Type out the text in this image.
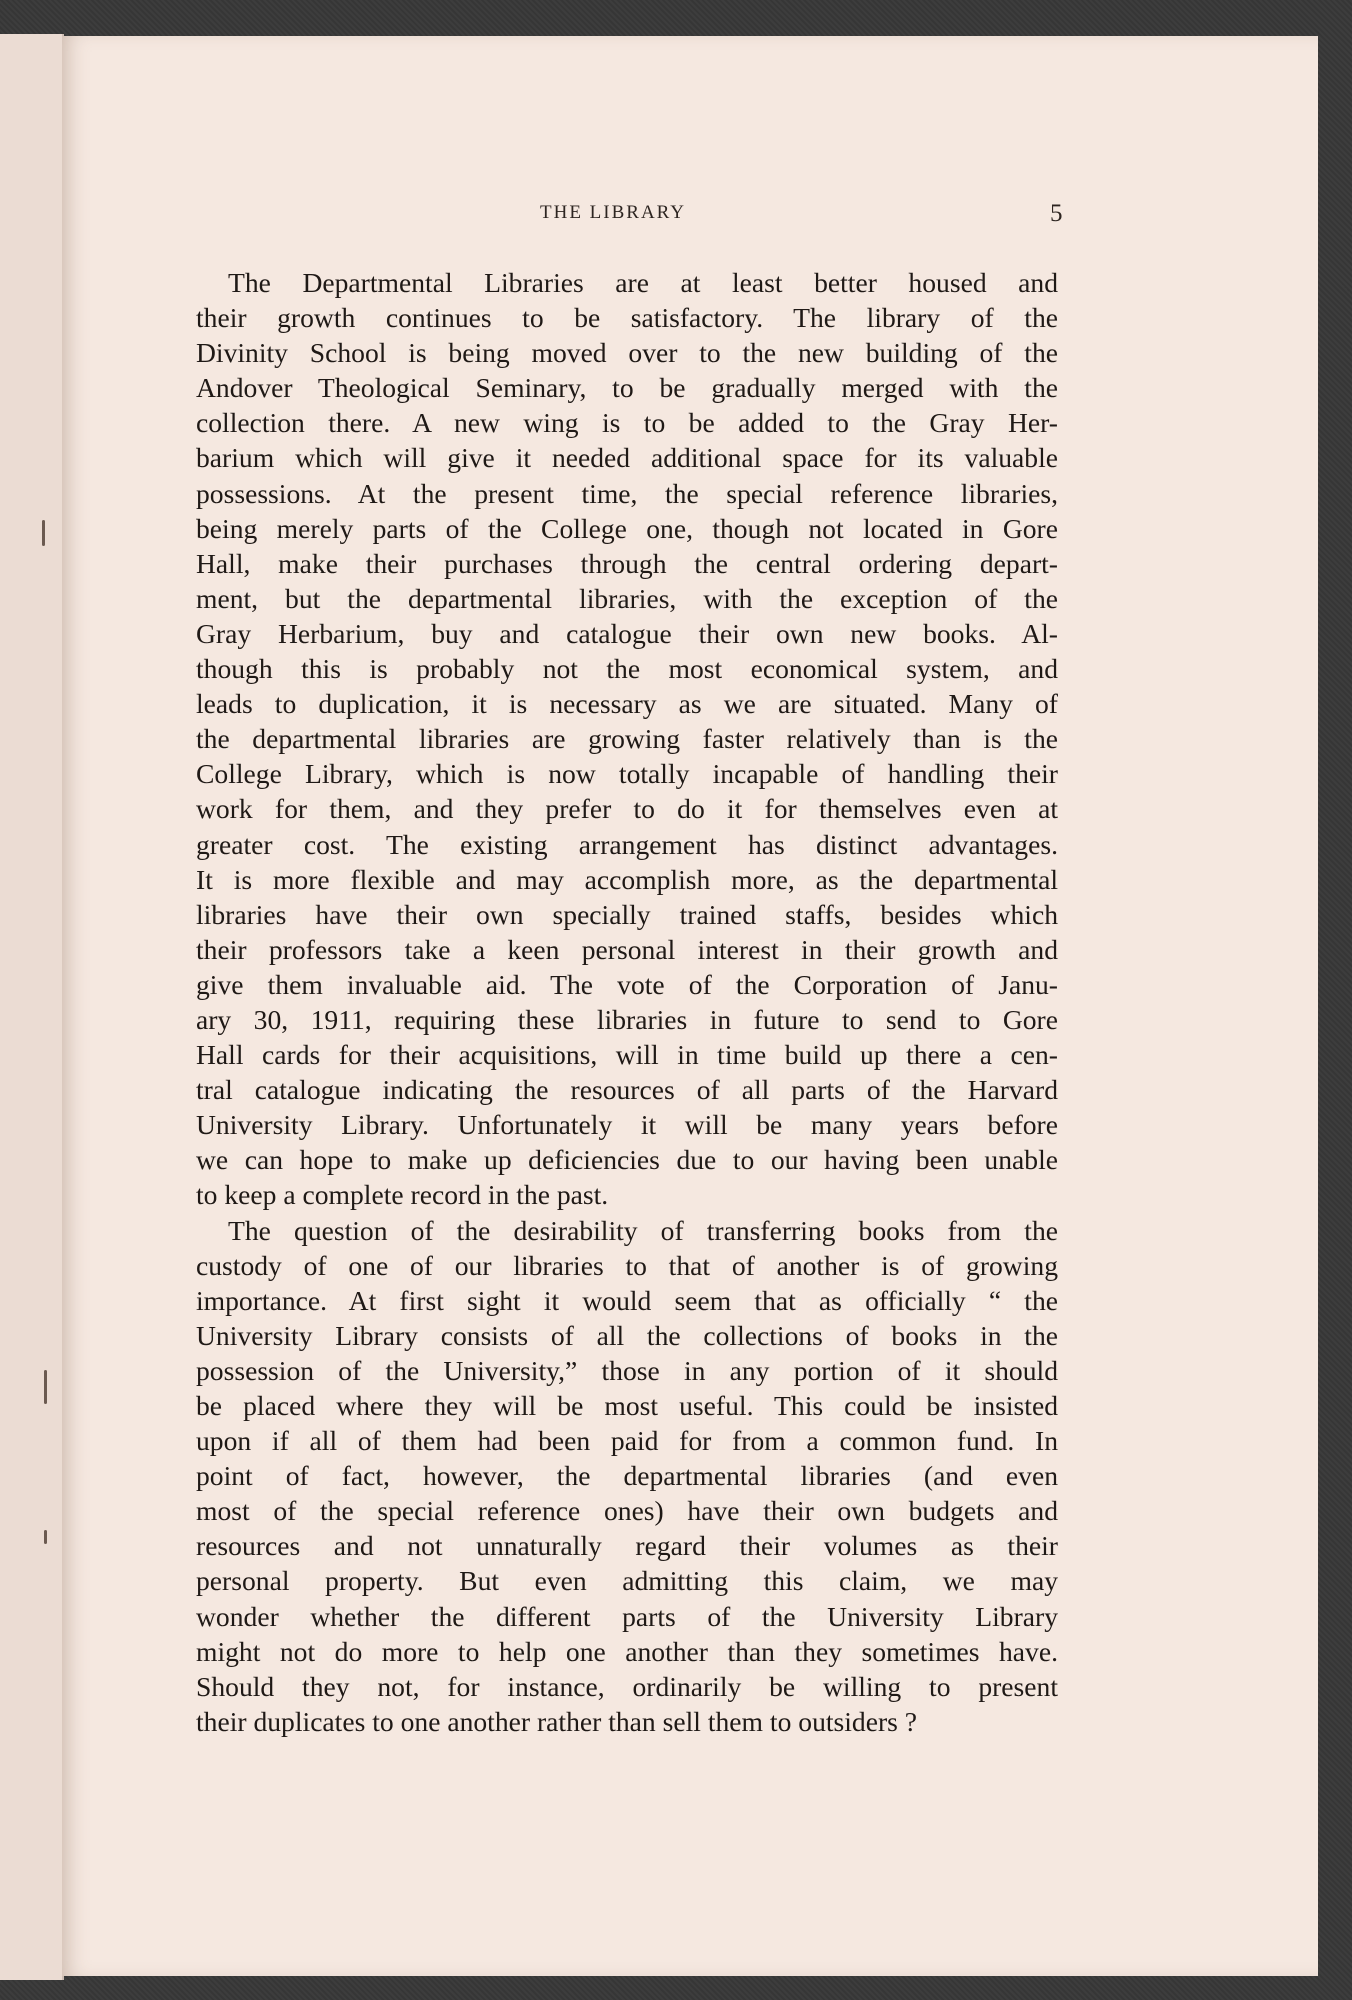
THE LIBRARY	5
The Departmental Libraries are at least better housed and
their growth continues to be satisfactory. The library of the
Divinity School is being moved over to the new building of the
Andover Theological Seminary, to be gradually merged with the
collection there. A new wing is to be added to the Gray Her-
barium which will give it needed additional space for its valuable
possessions. At the present time, the special reference libraries,
being merely parts of the College one, though not located in Gore
Hall, make their purchases through the central ordering depart-
ment, but the departmental libraries, with the exception of the
Gray Herbarium, buy and catalogue their own new books. Al-
though this is probably not the most economical system, and
leads to duplication, it is necessary as we are situated. Many of
the departmental libraries are growing faster relatively than is the
College Library, which is now totally incapable of handling their
work for them, and they prefer to do it for themselves even at
greater cost. The existing arrangement has distinct advantages.
It is more flexible and may accomplish more, as the departmental
libraries have their own specially trained staffs, besides which
their professors take a keen personal interest in their growth and
give them invaluable aid. The vote of the Corporation of Janu-
ary 30, 1911, requiring these libraries in future to send to Gore
Hall cards for their acquisitions, will in time build up there a cen-
tral catalogue indicating the resources of all parts of the Harvard
University Library. Unfortunately it will be many years before
we can hope to make up deficiencies due to our having been unable
to keep a complete record in the past.
The question of the desirability of transferring books from the
custody of one of our libraries to that of another is of growing
importance. At first sight it would seem that as officially “ the
University Library consists of all the collections of books in the
possession of the University,” those in any portion of it should
be placed where they will be most useful. This could be insisted
upon if all of them had been paid for from a common fund. In
point of fact, however, the departmental libraries (and even
most of the special reference ones) have their own budgets and
resources and not unnaturally regard their volumes as their
personal property. But even admitting this claim, we may
wonder whether the different parts of the University Library
might not do more to help one another than they sometimes have.
Should they not, for instance, ordinarily be willing to present
their duplicates to one another rather than sell them to outsiders ?
